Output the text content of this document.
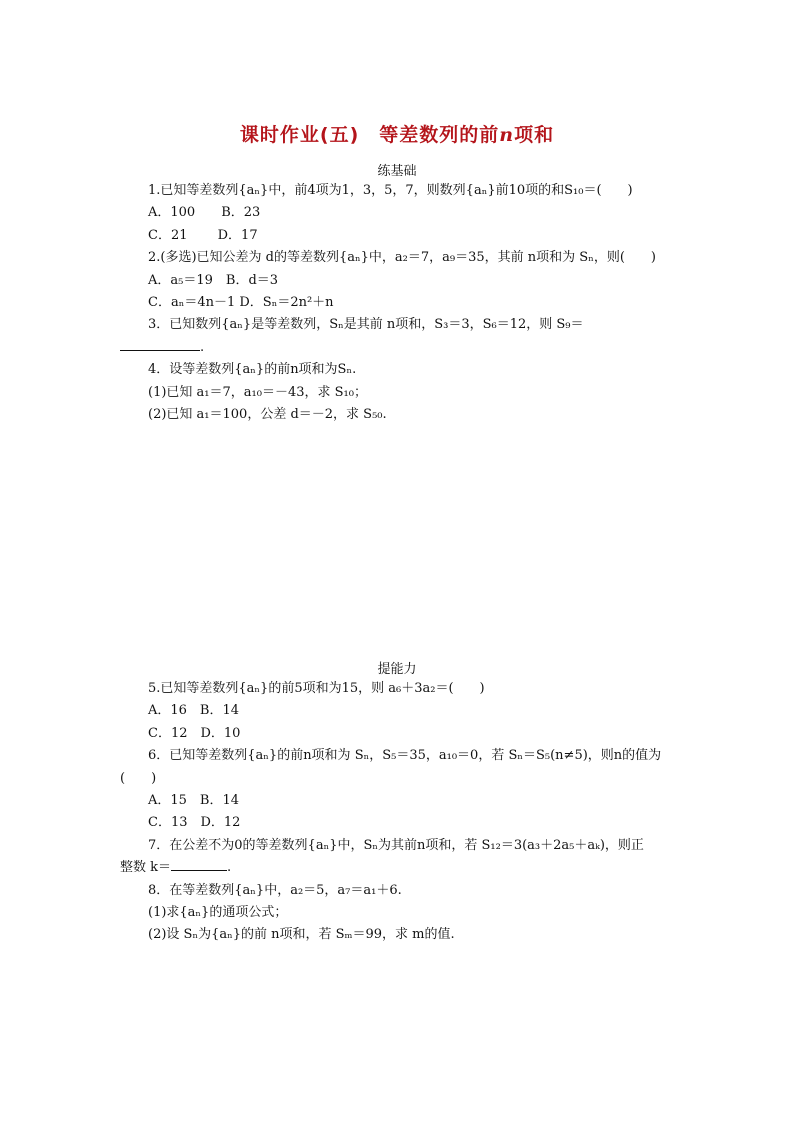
课时作业(五)　等差数列的前n项和
练基础
1.已知等差数列{aₙ}中，前4项为1，3，5，7，则数列{aₙ}前10项的和S₁₀＝(　　)
A．100　　B．23
C．21　　 D．17
2.(多选)已知公差为 d的等差数列{aₙ}中，a₂＝7，a₉＝35，其前 n项和为 Sₙ，则(　　)
A．a₅＝19　B．d＝3
C．aₙ＝4n－1 D．Sₙ＝2n²＋n
3．已知数列{aₙ}是等差数列，Sₙ是其前 n项和，S₃＝3，S₆＝12，则 S₉＝
.
4．设等差数列{aₙ}的前n项和为Sₙ.
(1)已知 a₁＝7，a₁₀＝－43，求 S₁₀；
(2)已知 a₁＝100，公差 d＝－2，求 S₅₀.
提能力
5.已知等差数列{aₙ}的前5项和为15，则 a₆＋3a₂＝(　　)
A．16　B．14
C．12　D．10
6．已知等差数列{aₙ}的前n项和为 Sₙ，S₅＝35，a₁₀＝0，若 Sₙ＝S₅(n≠5)，则n的值为
(　　)
A．15　B．14
C．13　D．12
7．在公差不为0的等差数列{aₙ}中，Sₙ为其前n项和，若 S₁₂＝3(a₃＋2a₅＋aₖ)，则正
整数 k＝	.
8．在等差数列{aₙ}中，a₂＝5，a₇＝a₁＋6.
(1)求{aₙ}的通项公式；
(2)设 Sₙ为{aₙ}的前 n项和，若 Sₘ＝99，求 m的值.
